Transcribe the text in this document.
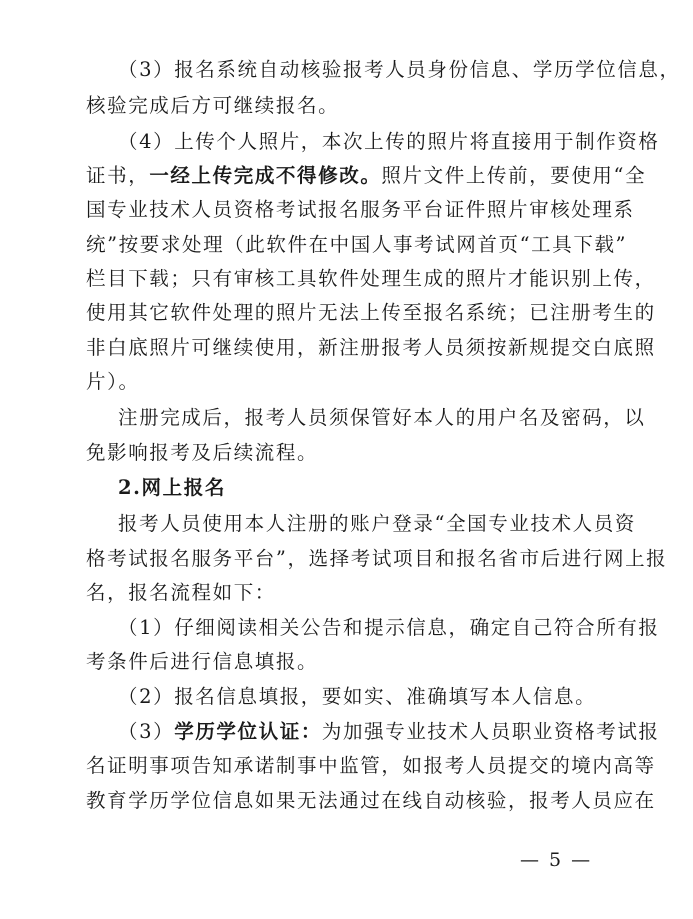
（3）报名系统自动核验报考人员身份信息、学历学位信息，
核验完成后方可继续报名。
（4）上传个人照片，本次上传的照片将直接用于制作资格
证书，一经上传完成不得修改。照片文件上传前，要使用“全
国专业技术人员资格考试报名服务平台证件照片审核处理系
统”按要求处理（此软件在中国人事考试网首页“工具下载”
栏目下载；只有审核工具软件处理生成的照片才能识别上传，
使用其它软件处理的照片无法上传至报名系统；已注册考生的
非白底照片可继续使用，新注册报考人员须按新规提交白底照
片）。
注册完成后，报考人员须保管好本人的用户名及密码，以
免影响报考及后续流程。
2.网上报名
报考人员使用本人注册的账户登录“全国专业技术人员资
格考试报名服务平台”，选择考试项目和报名省市后进行网上报
名，报名流程如下：
（1）仔细阅读相关公告和提示信息，确定自己符合所有报
考条件后进行信息填报。
（2）报名信息填报，要如实、准确填写本人信息。
（3）学历学位认证：为加强专业技术人员职业资格考试报
名证明事项告知承诺制事中监管，如报考人员提交的境内高等
教育学历学位信息如果无法通过在线自动核验，报考人员应在
— 5 —
